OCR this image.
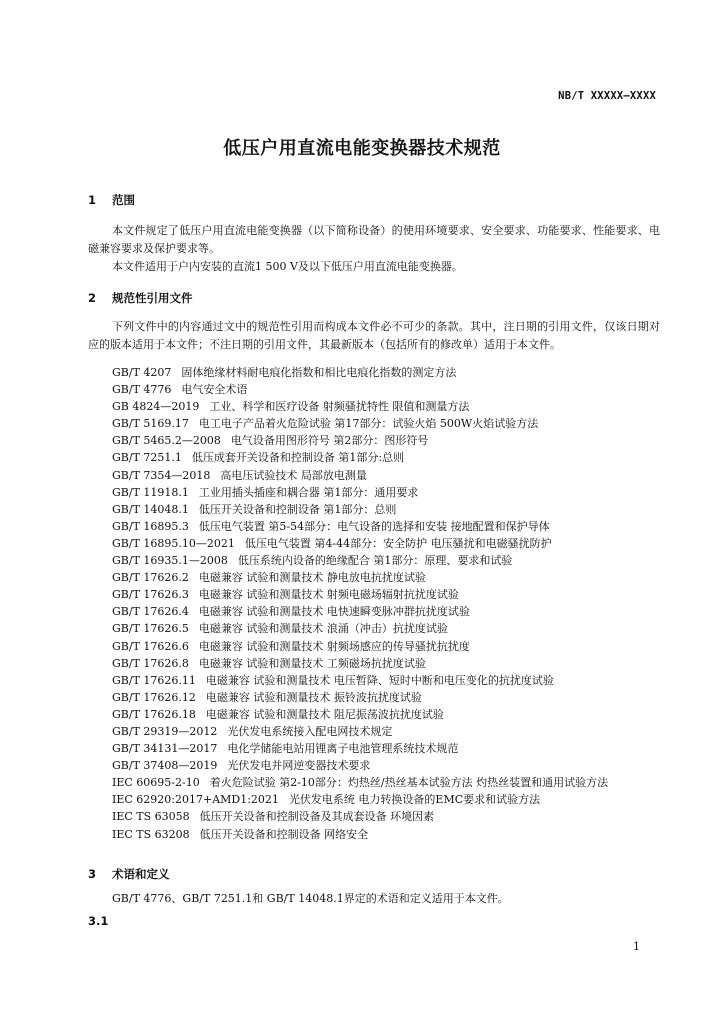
NB/T XXXXX—XXXX
低压户用直流电能变换器技术规范
1 范围

本文件规定了低压户用直流电能变换器（以下简称设备）的使用环境要求、安全要求、功能要求、性能要求、电磁兼容要求及保护要求等。

本文件适用于户内安装的直流1 500 V及以下低压户用直流电能变换器。

2 规范性引用文件

下列文件中的内容通过文中的规范性引用而构成本文件必不可少的条款。其中，注日期的引用文件，仅该日期对应的版本适用于本文件；不注日期的引用文件，其最新版本（包括所有的修改单）适用于本文件。

GB/T 4207 固体绝缘材料耐电痕化指数和相比电痕化指数的测定方法
GB/T 4776 电气安全术语
GB 4824—2019 工业、科学和医疗设备 射频骚扰特性 限值和测量方法
GB/T 5169.17 电工电子产品着火危险试验 第17部分：试验火焰 500W火焰试验方法
GB/T 5465.2—2008 电气设备用图形符号 第2部分：图形符号
GB/T 7251.1 低压成套开关设备和控制设备 第1部分:总则
GB/T 7354—2018 高电压试验技术 局部放电测量
GB/T 11918.1 工业用插头插座和耦合器 第1部分：通用要求
GB/T 14048.1 低压开关设备和控制设备 第1部分：总则
GB/T 16895.3 低压电气装置 第5-54部分：电气设备的选择和安装 接地配置和保护导体
GB/T 16895.10—2021 低压电气装置 第4-44部分：安全防护 电压骚扰和电磁骚扰防护
GB/T 16935.1—2008 低压系统内设备的绝缘配合 第1部分：原理、要求和试验
GB/T 17626.2 电磁兼容 试验和测量技术 静电放电抗扰度试验
GB/T 17626.3 电磁兼容 试验和测量技术 射频电磁场辐射抗扰度试验
GB/T 17626.4 电磁兼容 试验和测量技术 电快速瞬变脉冲群抗扰度试验
GB/T 17626.5 电磁兼容 试验和测量技术 浪涌（冲击）抗扰度试验
GB/T 17626.6 电磁兼容 试验和测量技术 射频场感应的传导骚扰抗扰度
GB/T 17626.8 电磁兼容 试验和测量技术 工频磁场抗扰度试验
GB/T 17626.11 电磁兼容 试验和测量技术 电压暂降、短时中断和电压变化的抗扰度试验
GB/T 17626.12 电磁兼容 试验和测量技术 振铃波抗扰度试验
GB/T 17626.18 电磁兼容 试验和测量技术 阻尼振荡波抗扰度试验
GB/T 29319—2012 光伏发电系统接入配电网技术规定
GB/T 34131—2017 电化学储能电站用锂离子电池管理系统技术规范
GB/T 37408—2019 光伏发电并网逆变器技术要求
IEC 60695-2-10 着火危险试验 第2-10部分：灼热丝/热丝基本试验方法 灼热丝装置和通用试验方法
IEC 62920:2017+AMD1:2021 光伏发电系统 电力转换设备的EMC要求和试验方法
IEC TS 63058 低压开关设备和控制设备及其成套设备 环境因素
IEC TS 63208 低压开关设备和控制设备 网络安全
3 术语和定义

GB/T 4776、GB/T 7251.1和 GB/T 14048.1界定的术语和定义适用于本文件。

3.1
1
